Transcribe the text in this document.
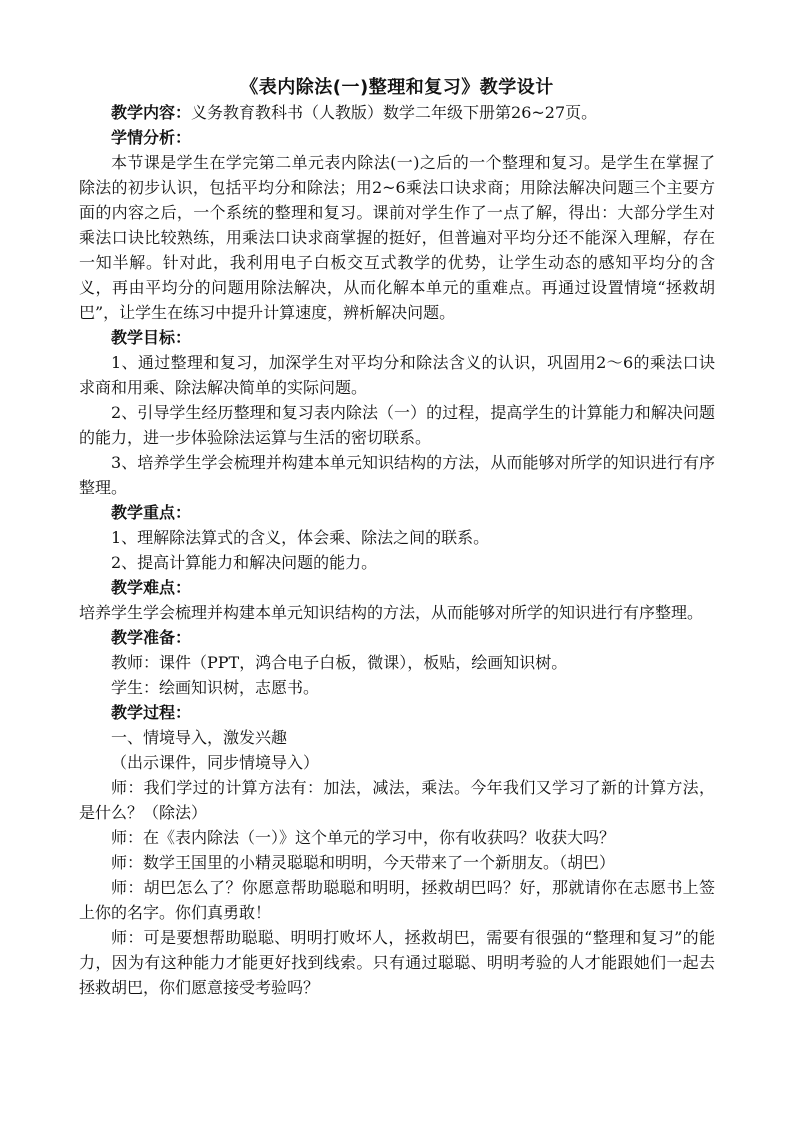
《表内除法(一)整理和复习》教学设计

教学内容：义务教育教科书（人教版）数学二年级下册第26~27页。

学情分析：

本节课是学生在学完第二单元表内除法(一)之后的一个整理和复习。是学生在掌握了除法的初步认识，包括平均分和除法；用2~6乘法口诀求商；用除法解决问题三个主要方面的内容之后，一个系统的整理和复习。课前对学生作了一点了解，得出：大部分学生对乘法口诀比较熟练，用乘法口诀求商掌握的挺好，但普遍对平均分还不能深入理解，存在一知半解。针对此，我利用电子白板交互式教学的优势，让学生动态的感知平均分的含义，再由平均分的问题用除法解决，从而化解本单元的重难点。再通过设置情境“拯救胡巴”，让学生在练习中提升计算速度，辨析解决问题。

教学目标：

1、通过整理和复习，加深学生对平均分和除法含义的认识，巩固用2～6的乘法口诀求商和用乘、除法解决简单的实际问题。

2、引导学生经历整理和复习表内除法（一）的过程，提高学生的计算能力和解决问题的能力，进一步体验除法运算与生活的密切联系。

3、培养学生学会梳理并构建本单元知识结构的方法，从而能够对所学的知识进行有序整理。

教学重点：

1、理解除法算式的含义，体会乘、除法之间的联系。

2、提高计算能力和解决问题的能力。

教学难点：

培养学生学会梳理并构建本单元知识结构的方法，从而能够对所学的知识进行有序整理。

教学准备：

教师：课件（PPT，鸿合电子白板，微课），板贴，绘画知识树。

学生：绘画知识树，志愿书。

教学过程：

一、情境导入，激发兴趣

（出示课件，同步情境导入）

师：我们学过的计算方法有：加法，减法，乘法。今年我们又学习了新的计算方法，是什么？（除法）

师：在《表内除法（一）》这个单元的学习中，你有收获吗？收获大吗？

师：数学王国里的小精灵聪聪和明明，今天带来了一个新朋友。（胡巴）

师：胡巴怎么了？你愿意帮助聪聪和明明，拯救胡巴吗？好，那就请你在志愿书上签上你的名字。你们真勇敢！

师：可是要想帮助聪聪、明明打败坏人，拯救胡巴，需要有很强的“整理和复习”的能力，因为有这种能力才能更好找到线索。只有通过聪聪、明明考验的人才能跟她们一起去拯救胡巴，你们愿意接受考验吗？
